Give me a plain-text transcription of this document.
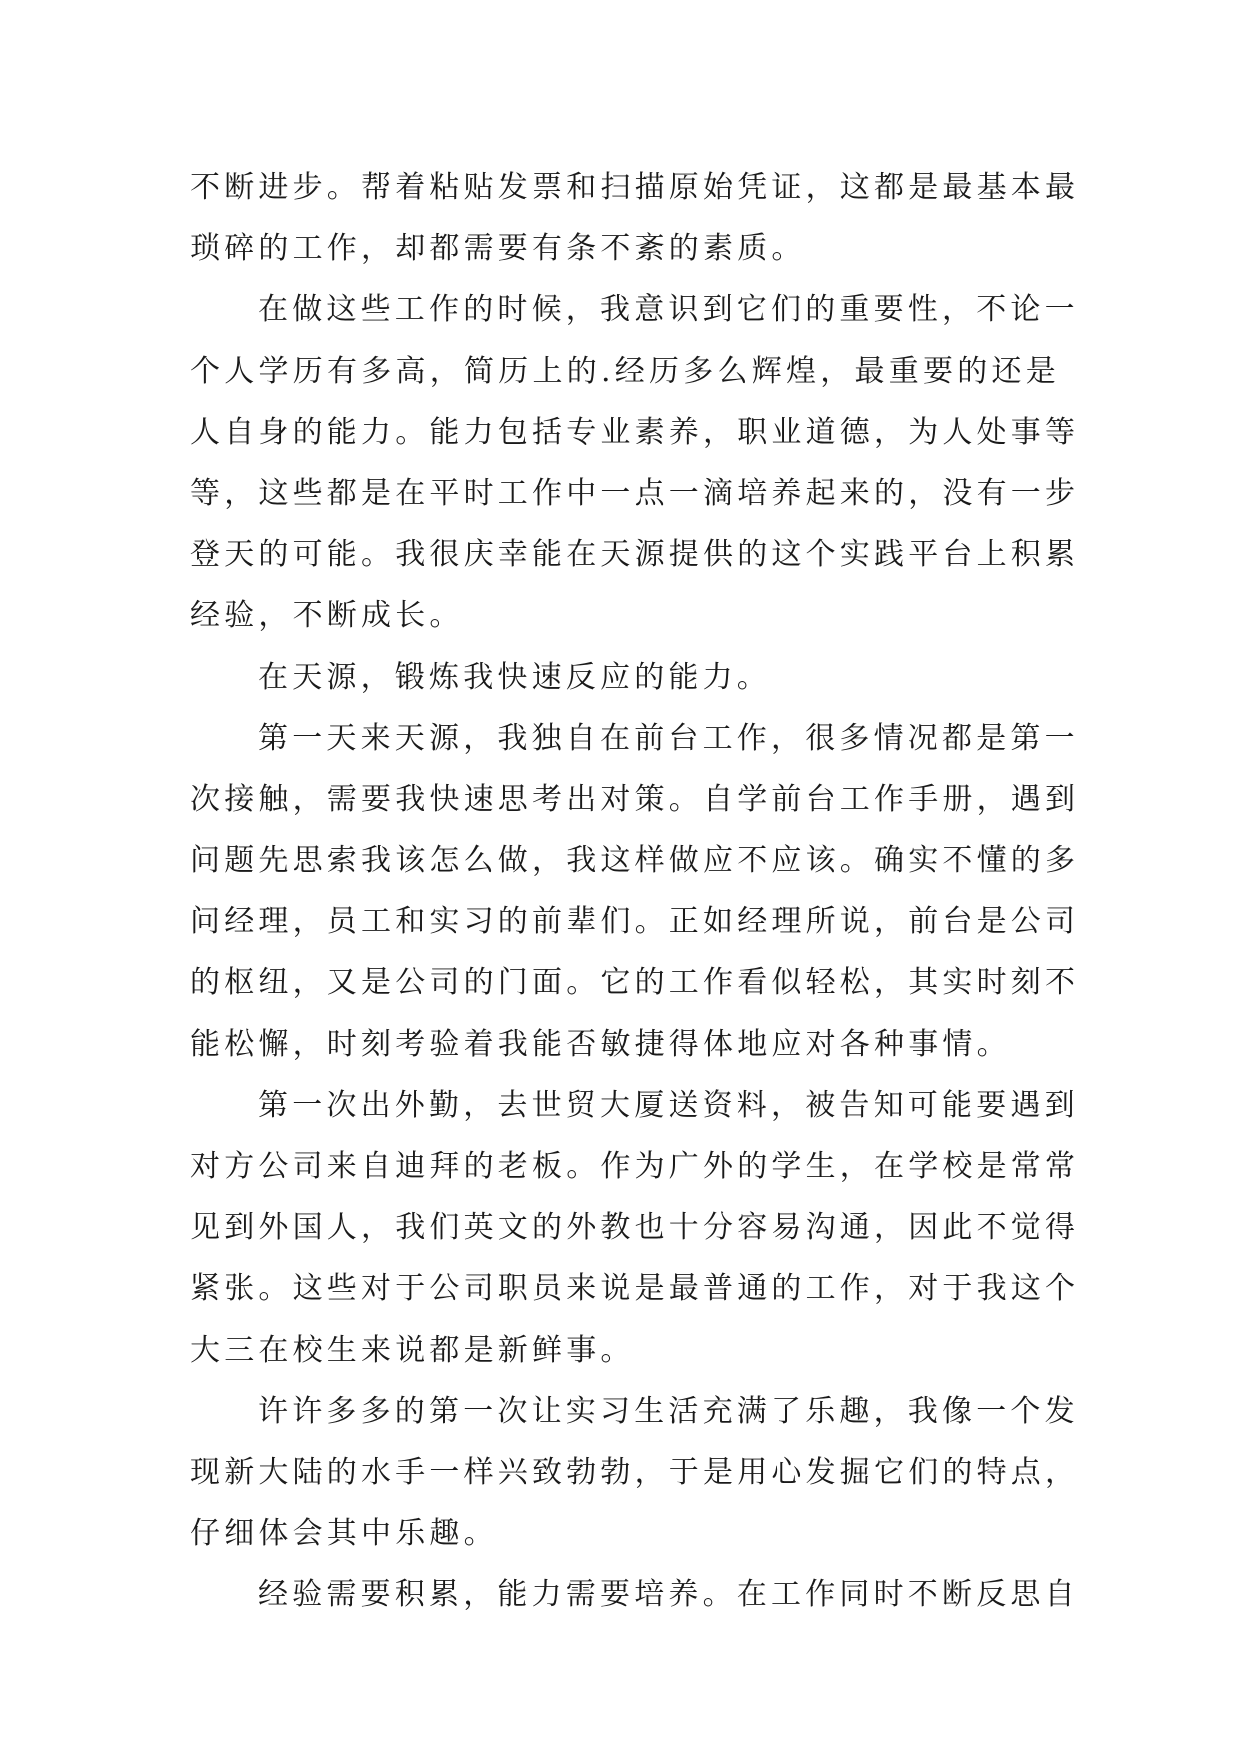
不断进步。帮着粘贴发票和扫描原始凭证，这都是最基本最
琐碎的工作，却都需要有条不紊的素质。
在做这些工作的时候，我意识到它们的重要性，不论一
个人学历有多高，简历上的.经历多么辉煌，最重要的还是
人自身的能力。能力包括专业素养，职业道德，为人处事等
等，这些都是在平时工作中一点一滴培养起来的，没有一步
登天的可能。我很庆幸能在天源提供的这个实践平台上积累
经验，不断成长。
在天源，锻炼我快速反应的能力。
第一天来天源，我独自在前台工作，很多情况都是第一
次接触，需要我快速思考出对策。自学前台工作手册，遇到
问题先思索我该怎么做，我这样做应不应该。确实不懂的多
问经理，员工和实习的前辈们。正如经理所说，前台是公司
的枢纽，又是公司的门面。它的工作看似轻松，其实时刻不
能松懈，时刻考验着我能否敏捷得体地应对各种事情。
第一次出外勤，去世贸大厦送资料，被告知可能要遇到
对方公司来自迪拜的老板。作为广外的学生，在学校是常常
见到外国人，我们英文的外教也十分容易沟通，因此不觉得
紧张。这些对于公司职员来说是最普通的工作，对于我这个
大三在校生来说都是新鲜事。
许许多多的第一次让实习生活充满了乐趣，我像一个发
现新大陆的水手一样兴致勃勃，于是用心发掘它们的特点，
仔细体会其中乐趣。
经验需要积累，能力需要培养。在工作同时不断反思自
